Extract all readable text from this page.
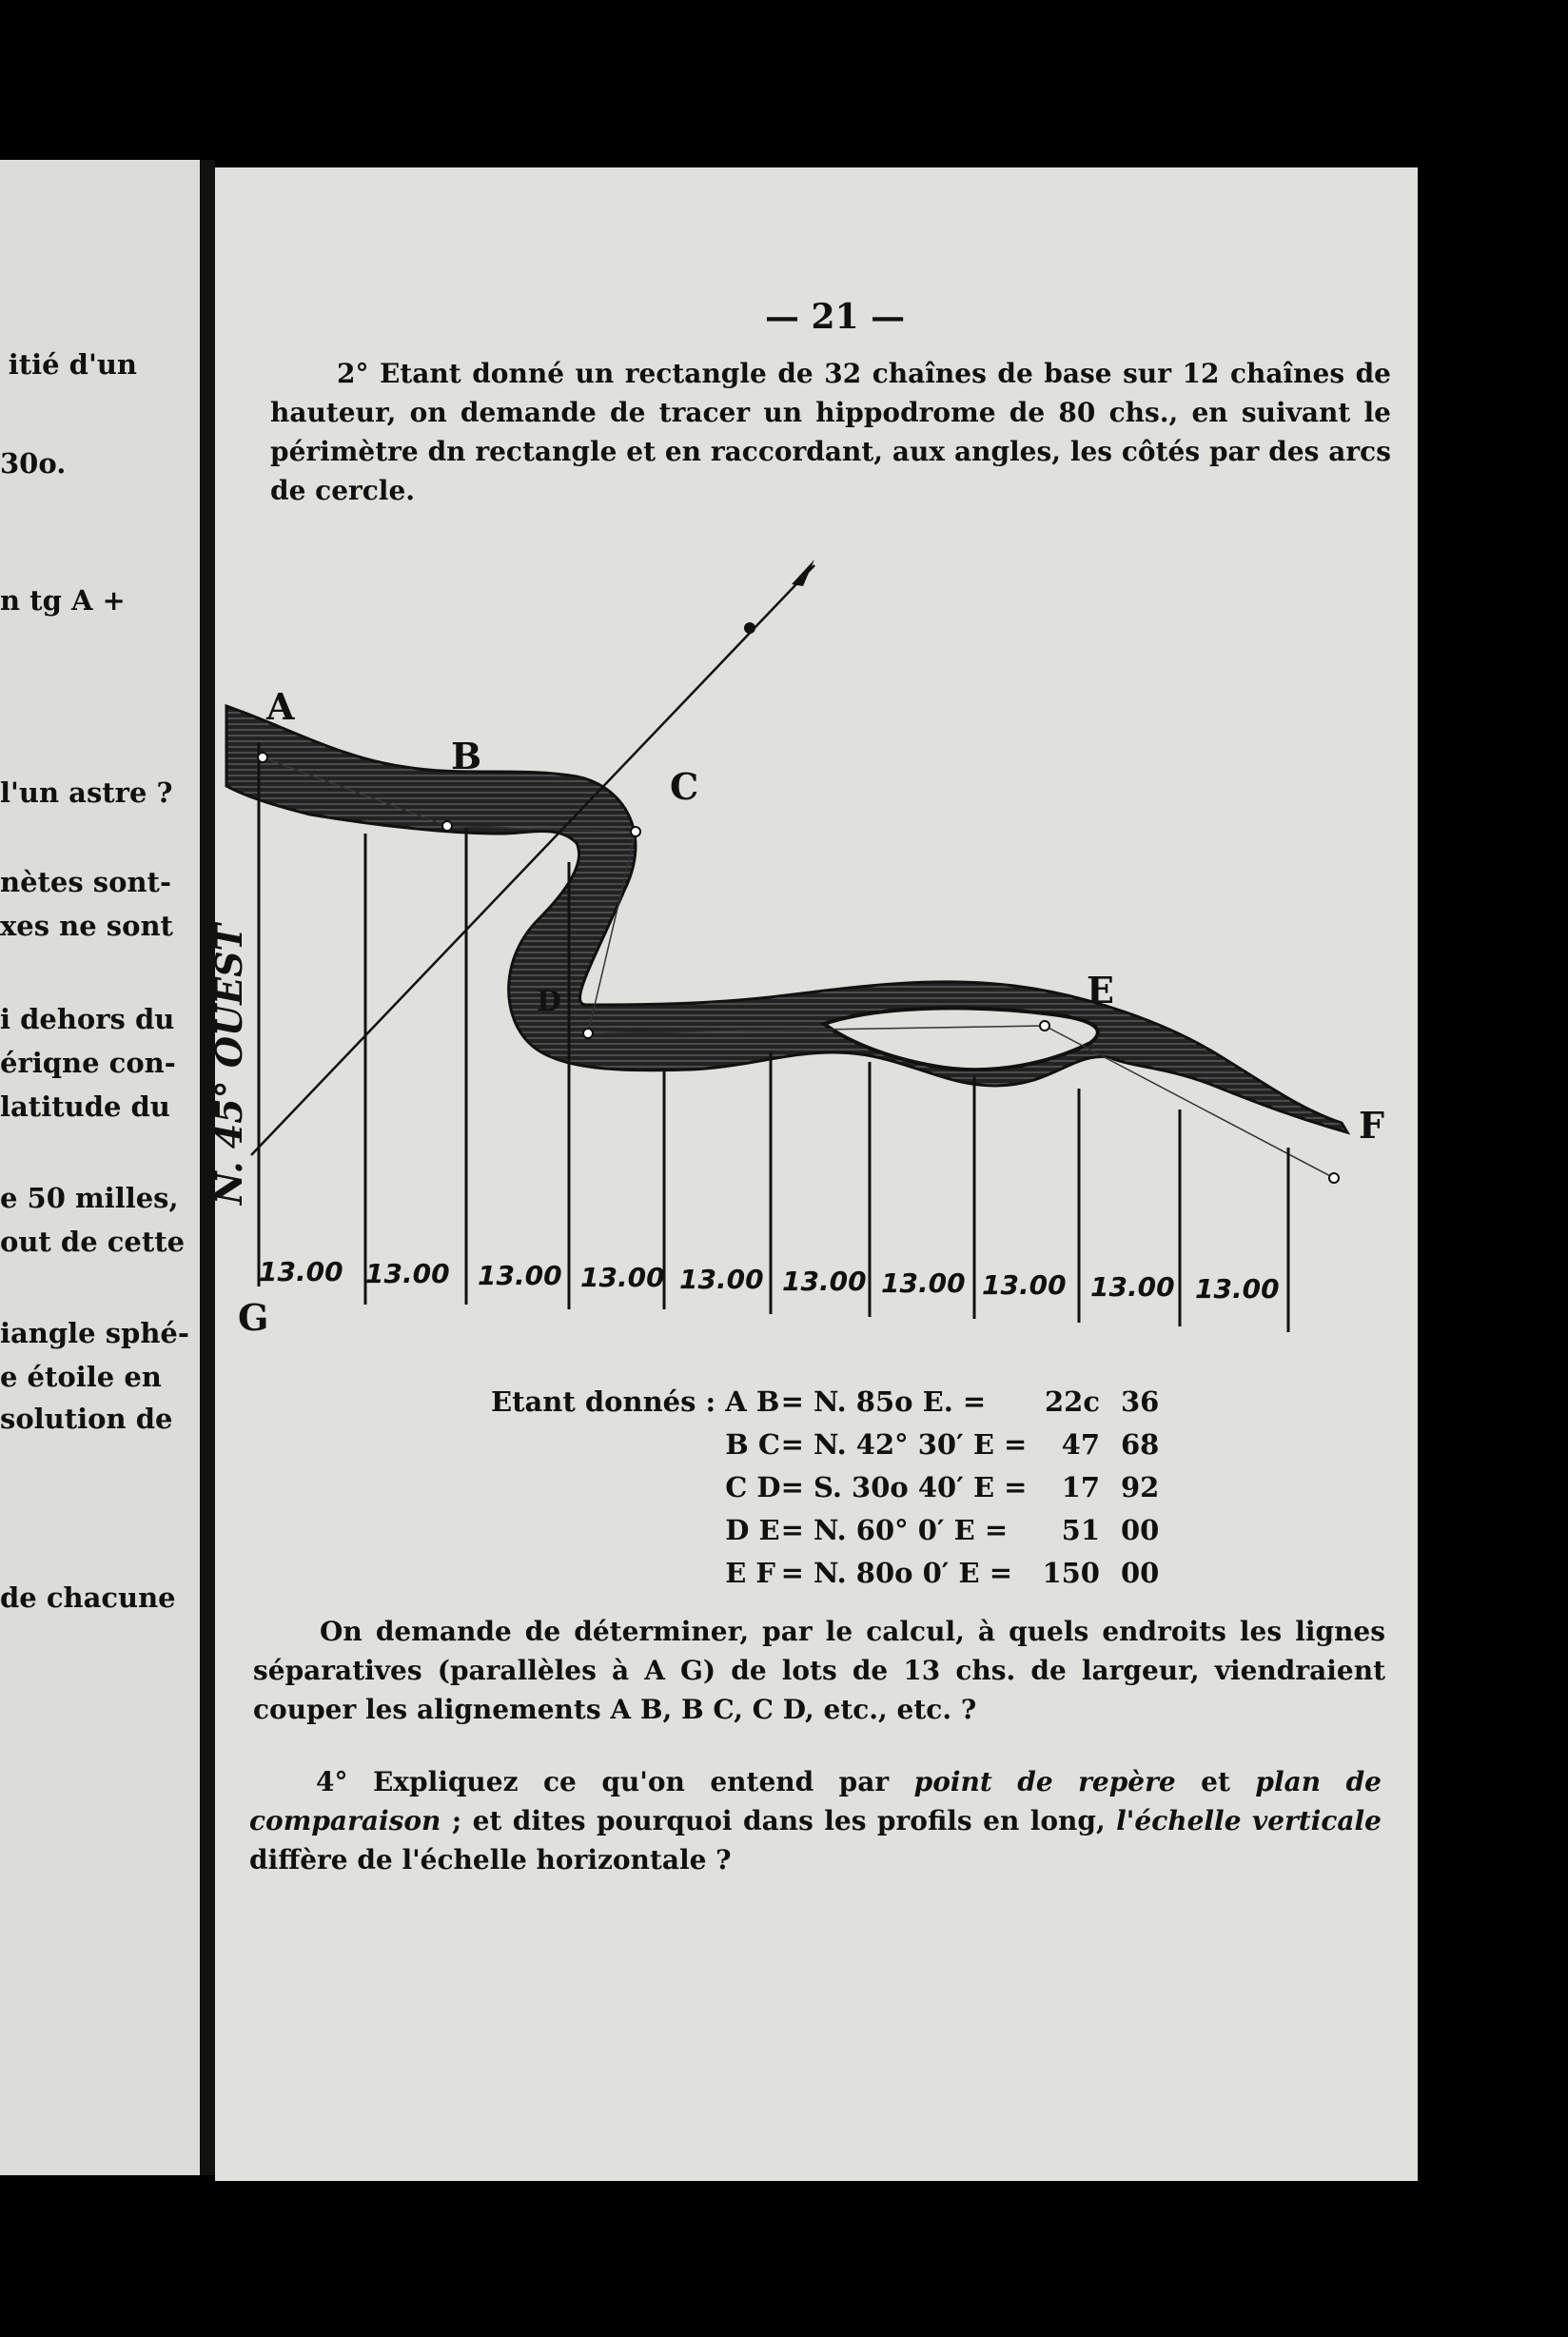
itié d'un
30o.
n tg A +
l'un astre ?
nètes sont-
xes ne sont
i dehors du
ériqne con-
latitude du
e 50 milles,
out de cette
iangle sphé-
e étoile en
solution de
de chacune
— 21 —
2° Etant donné un rectangle de 32 chaînes de base sur 12 chaînes de hauteur, on demande de tracer un hippodrome de 80 chs., en suivant le périmètre dn rectangle et en raccordant, aux angles, les côtés par des arcs de cercle.
A
B
C
D	E
F
G
N. 45° OUEST
13.00 13.00 13.00 13.00 13.00 13.00 13.00 13.00 13.00 13.00
Etant donnés :	A B	= N. 85o E. =	22c	36
	B C	= N. 42° 30′ E =	47	68
	C D	= S. 30o 40′ E =	17	92
	D E	= N. 60° 0′ E =	51	00
	E F	= N. 80o 0′ E =	150	00
On demande de déterminer, par le calcul, à quels endroits les lignes séparatives (parallèles à A G) de lots de 13 chs. de largeur, viendraient couper les alignements A B, B C, C D, etc., etc. ?
4° Expliquez ce qu'on entend par point de repère et plan de comparaison ; et dites pourquoi dans les profils en long, l'échelle verticale diffère de l'échelle horizontale ?
